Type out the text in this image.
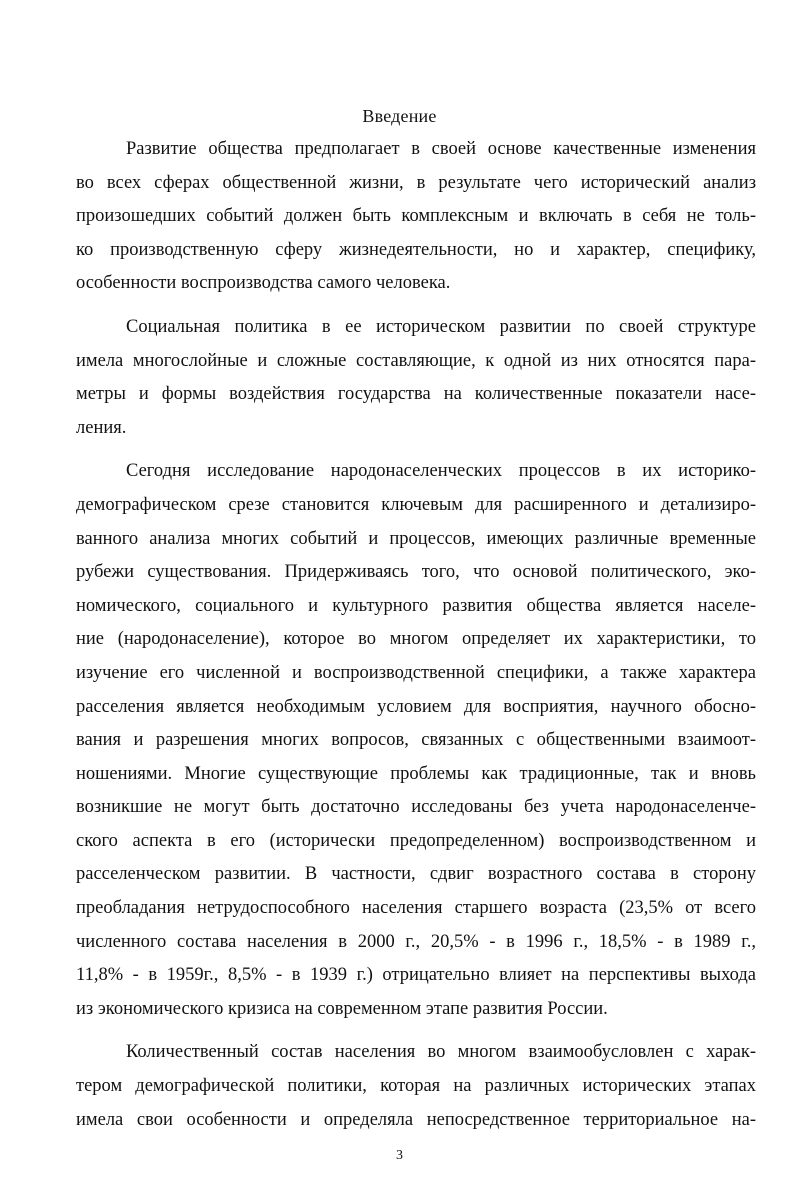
Введение
Развитие общества предполагает в своей основе качественные изменения
во всех сферах общественной жизни, в результате чего исторический анализ
произошедших событий должен быть комплексным и включать в себя не толь-
ко производственную сферу жизнедеятельности, но и характер, специфику,
особенности воспроизводства самого человека.
Социальная политика в ее историческом развитии по своей структуре
имела многослойные и сложные составляющие, к одной из них относятся пара-
метры и формы воздействия государства на количественные показатели насе-
ления.
Сегодня исследование народонаселенческих процессов в их историко-
демографическом срезе становится ключевым для расширенного и детализиро-
ванного анализа многих событий и процессов, имеющих различные временные
рубежи существования. Придерживаясь того, что основой политического, эко-
номического, социального и культурного развития общества является населе-
ние (народонаселение), которое во многом определяет их характеристики, то
изучение его численной и воспроизводственной специфики, а также характера
расселения является необходимым условием для восприятия, научного обосно-
вания и разрешения многих вопросов, связанных с общественными взаимоот-
ношениями. Многие существующие проблемы как традиционные, так и вновь
возникшие не могут быть достаточно исследованы без учета народонаселенче-
ского аспекта в его (исторически предопределенном) воспроизводственном и
расселенческом развитии. В частности, сдвиг возрастного состава в сторону
преобладания нетрудоспособного населения старшего возраста (23,5% от всего
численного состава населения в 2000 г., 20,5% - в 1996 г., 18,5% - в 1989 г.,
11,8% - в 1959г., 8,5% - в 1939 г.) отрицательно влияет на перспективы выхода
из экономического кризиса на современном этапе развития России.
Количественный состав населения во многом взаимообусловлен с харак-
тером демографической политики, которая на различных исторических этапах
имела свои особенности и определяла непосредственное территориальное на-
3
